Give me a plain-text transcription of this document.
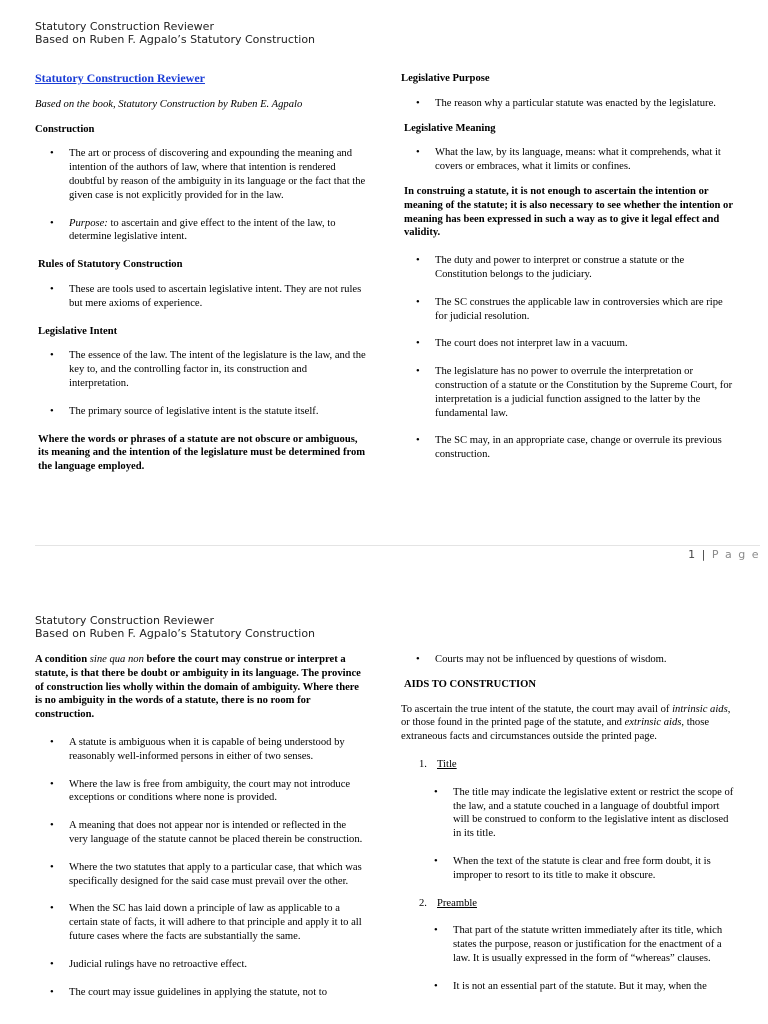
Statutory Construction Reviewer
Based on Ruben F. Agpalo’s Statutory Construction

Statutory Construction Reviewer

Based on the book, Statutory Construction by Ruben E. Agpalo

Construction

• The art or process of discovering and expounding the meaning and intention of the authors of law, where that intention is rendered doubtful by reason of the ambiguity in its language or the fact that the given case is not explicitly provided for in the law.
• Purpose: to ascertain and give effect to the intent of the law, to determine legislative intent.

Rules of Statutory Construction

• These are tools used to ascertain legislative intent. They are not rules but mere axioms of experience.

Legislative Intent

• The essence of the law. The intent of the legislature is the law, and the key to, and the controlling factor in, its construction and interpretation.
• The primary source of legislative intent is the statute itself.

Where the words or phrases of a statute are not obscure or ambiguous, its meaning and the intention of the legislature must be determined from the language employed.

Legislative Purpose

• The reason why a particular statute was enacted by the legislature.

Legislative Meaning

• What the law, by its language, means: what it comprehends, what it covers or embraces, what it limits or confines.

In construing a statute, it is not enough to ascertain the intention or meaning of the statute; it is also necessary to see whether the intention or meaning has been expressed in such a way as to give it legal effect and validity.

• The duty and power to interpret or construe a statute or the Constitution belongs to the judiciary.
• The SC construes the applicable law in controversies which are ripe for judicial resolution.
• The court does not interpret law in a vacuum.
• The legislature has no power to overrule the interpretation or construction of a statute or the Constitution by the Supreme Court, for interpretation is a judicial function assigned to the latter by the fundamental law.
• The SC may, in an appropriate case, change or overrule its previous construction.
1 | P a g e
Statutory Construction Reviewer
Based on Ruben F. Agpalo’s Statutory Construction

A condition sine qua non before the court may construe or interpret a statute, is that there be doubt or ambiguity in its language. The province of construction lies wholly within the domain of ambiguity. Where there is no ambiguity in the words of a statute, there is no room for construction.

• A statute is ambiguous when it is capable of being understood by reasonably well-informed persons in either of two senses.
• Where the law is free from ambiguity, the court may not introduce exceptions or conditions where none is provided.
• A meaning that does not appear nor is intended or reflected in the very language of the statute cannot be placed therein be construction.
• Where the two statutes that apply to a particular case, that which was specifically designed for the said case must prevail over the other.
• When the SC has laid down a principle of law as applicable to a certain state of facts, it will adhere to that principle and apply it to all future cases where the facts are substantially the same.
• Judicial rulings have no retroactive effect.
• The court may issue guidelines in applying the statute, not to
• Courts may not be influenced by questions of wisdom.

AIDS TO CONSTRUCTION

To ascertain the true intent of the statute, the court may avail of intrinsic aids, or those found in the printed page of the statute, and extrinsic aids, those extraneous facts and circumstances outside the printed page.

1. Title
• The title may indicate the legislative extent or restrict the scope of the law, and a statute couched in a language of doubtful import will be construed to conform to the legislative intent as disclosed in its title.
• When the text of the statute is clear and free form doubt, it is improper to resort to its title to make it obscure.
2. Preamble
• That part of the statute written immediately after its title, which states the purpose, reason or justification for the enactment of a law. It is usually expressed in the form of “whereas” clauses.
• It is not an essential part of the statute. But it may, when the
